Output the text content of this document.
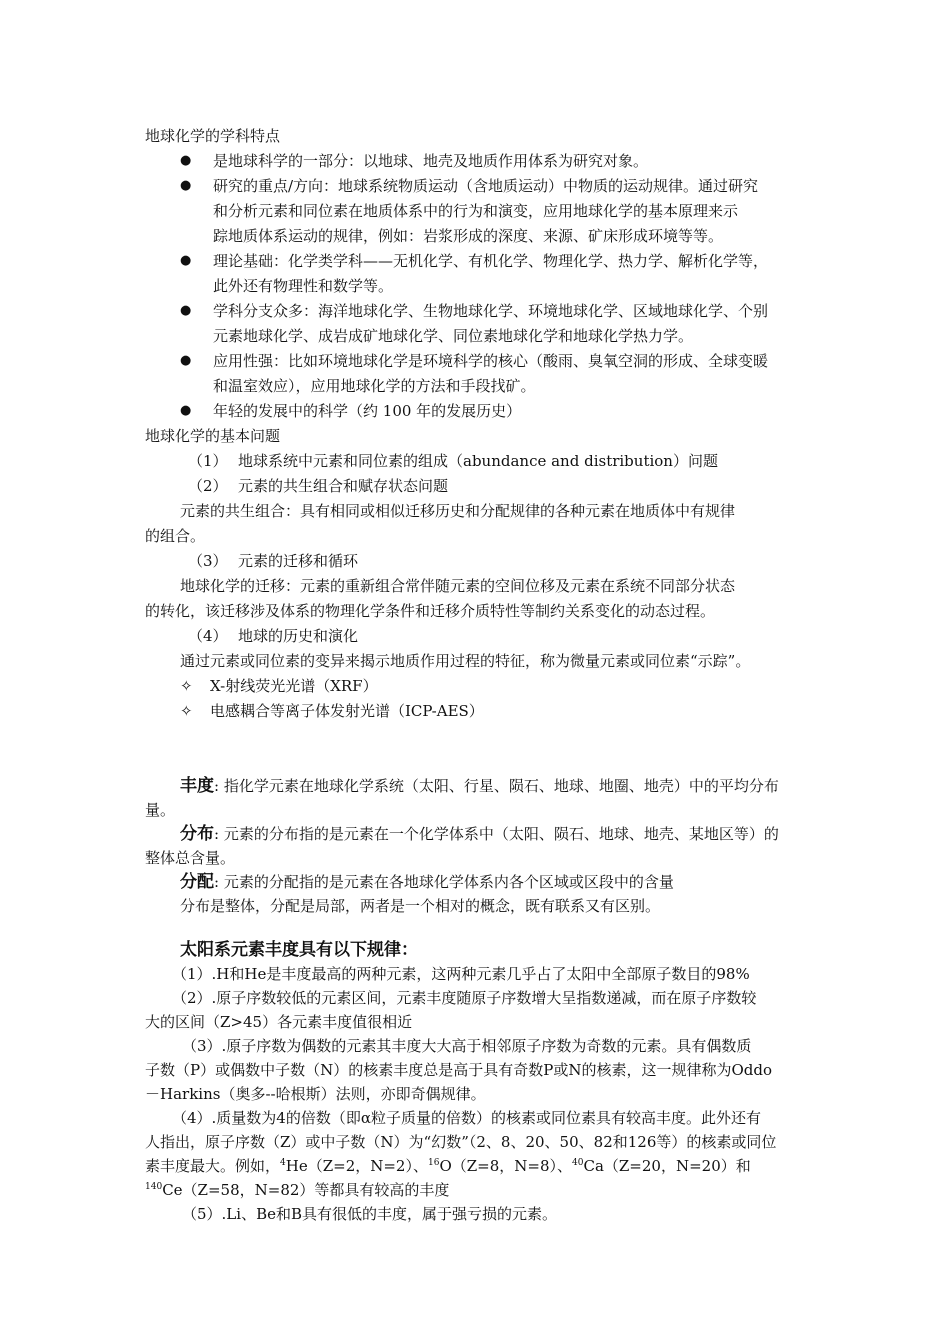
地球化学的学科特点
● 是地球科学的一部分：以地球、地壳及地质作用体系为研究对象。
● 研究的重点/方向：地球系统物质运动（含地质运动）中物质的运动规律。通过研究
和分析元素和同位素在地质体系中的行为和演变，应用地球化学的基本原理来示
踪地质体系运动的规律，例如：岩浆形成的深度、来源、矿床形成环境等等。
● 理论基础：化学类学科——无机化学、有机化学、物理化学、热力学、解析化学等，
此外还有物理性和数学等。
● 学科分支众多：海洋地球化学、生物地球化学、环境地球化学、区域地球化学、个别
元素地球化学、成岩成矿地球化学、同位素地球化学和地球化学热力学。
● 应用性强：比如环境地球化学是环境科学的核心（酸雨、臭氧空洞的形成、全球变暖
和温室效应），应用地球化学的方法和手段找矿。
● 年轻的发展中的科学（约 100 年的发展历史）
地球化学的基本问题
（1） 地球系统中元素和同位素的组成（abundance and distribution）问题
（2） 元素的共生组合和赋存状态问题
元素的共生组合：具有相同或相似迁移历史和分配规律的各种元素在地质体中有规律
的组合。
（3） 元素的迁移和循环
地球化学的迁移：元素的重新组合常伴随元素的空间位移及元素在系统不同部分状态
的转化，该迁移涉及体系的物理化学条件和迁移介质特性等制约关系变化的动态过程。
（4） 地球的历史和演化
通过元素或同位素的变异来揭示地质作用过程的特征，称为微量元素或同位素“示踪”。
✧ X-射线荧光光谱（XRF）
✧ 电感耦合等离子体发射光谱（ICP-AES）
丰度: 指化学元素在地球化学系统（太阳、行星、陨石、地球、地圈、地壳）中的平均分布
量。
分布: 元素的分布指的是元素在一个化学体系中（太阳、陨石、地球、地壳、某地区等）的
整体总含量。
分配: 元素的分配指的是元素在各地球化学体系内各个区域或区段中的含量
分布是整体，分配是局部，两者是一个相对的概念，既有联系又有区别。
太阳系元素丰度具有以下规律：
（1）.H和He是丰度最高的两种元素，这两种元素几乎占了太阳中全部原子数目的98%
（2）.原子序数较低的元素区间，元素丰度随原子序数增大呈指数递减，而在原子序数较
大的区间（Z>45）各元素丰度值很相近
（3）.原子序数为偶数的元素其丰度大大高于相邻原子序数为奇数的元素。具有偶数质
子数（P）或偶数中子数（N）的核素丰度总是高于具有奇数P或N的核素，这一规律称为Oddo
－Harkins（奥多--哈根斯）法则，亦即奇偶规律。
（4）.质量数为4的倍数（即α粒子质量的倍数）的核素或同位素具有较高丰度。此外还有
人指出，原子序数（Z）或中子数（N）为“幻数”（2、8、20、50、82和126等）的核素或同位
素丰度最大。例如，$^4$He（Z=2，N=2）、$^{16}$O（Z=8，N=8）、$^{40}$Ca（Z=20，N=20）和
$^{140}$Ce（Z=58，N=82）等都具有较高的丰度
（5）.Li、Be和B具有很低的丰度，属于强亏损的元素。
